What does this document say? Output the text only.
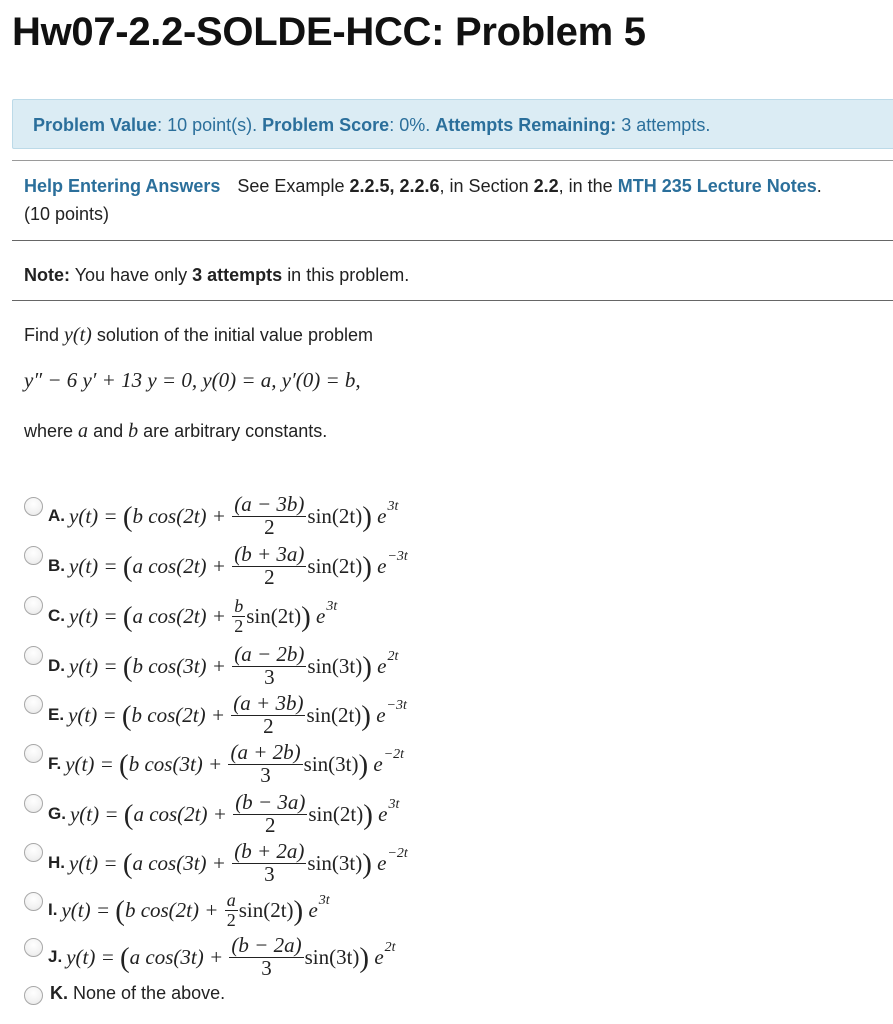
Hw07-2.2-SOLDE-HCC: Problem 5
Problem Value: 10 point(s). Problem Score: 0%. Attempts Remaining: 3 attempts.
Help Entering Answers See Example 2.2.5, 2.2.6, in Section 2.2, in the MTH 235 Lecture Notes.
(10 points)
Note: You have only 3 attempts in this problem.
Find y(t) solution of the initial value problem
y″ − 6 y′ + 13 y = 0, y(0) = a, y′(0) = b,
where a and b are arbitrary constants.
A. y(t) =
( b cos(2t) +
$\frac{(a - 3b)}{2} \sin(2t)$ )
e 3t
B. y(t) =
( a cos(2t) +
$\frac{(b + 3a)}{2} \sin(2t)$ )
e −3t
C. y(t) =
( a cos(2t) +
$\frac{b}{2} \sin(2t)$ )
e 3t
D. y(t) =
( b cos(3t) +
$\frac{(a - 2b)}{3} \sin(3t)$ )
e 2t
E. y(t) =
( b cos(2t) +
$\frac{(a + 3b)}{2} \sin(2t)$ )
e −3t
F. y(t) =
( b cos(3t) +
$\frac{(a + 2b)}{3} \sin(3t)$ )
e −2t
G. y(t) =
( a cos(2t) +
$\frac{(b - 3a)}{2} \sin(2t)$ )
e 3t
H. y(t) =
( a cos(3t) +
$\frac{(b + 2a)}{3} \sin(3t)$ )
e −2t
I. y(t) =
( b cos(2t) +
$\frac{a}{2} \sin(2t)$ )
e 3t
J. y(t) =
( a cos(3t) +
$\frac{(b - 2a)}{3} \sin(3t)$ )
e 2t
K. None of the above.
